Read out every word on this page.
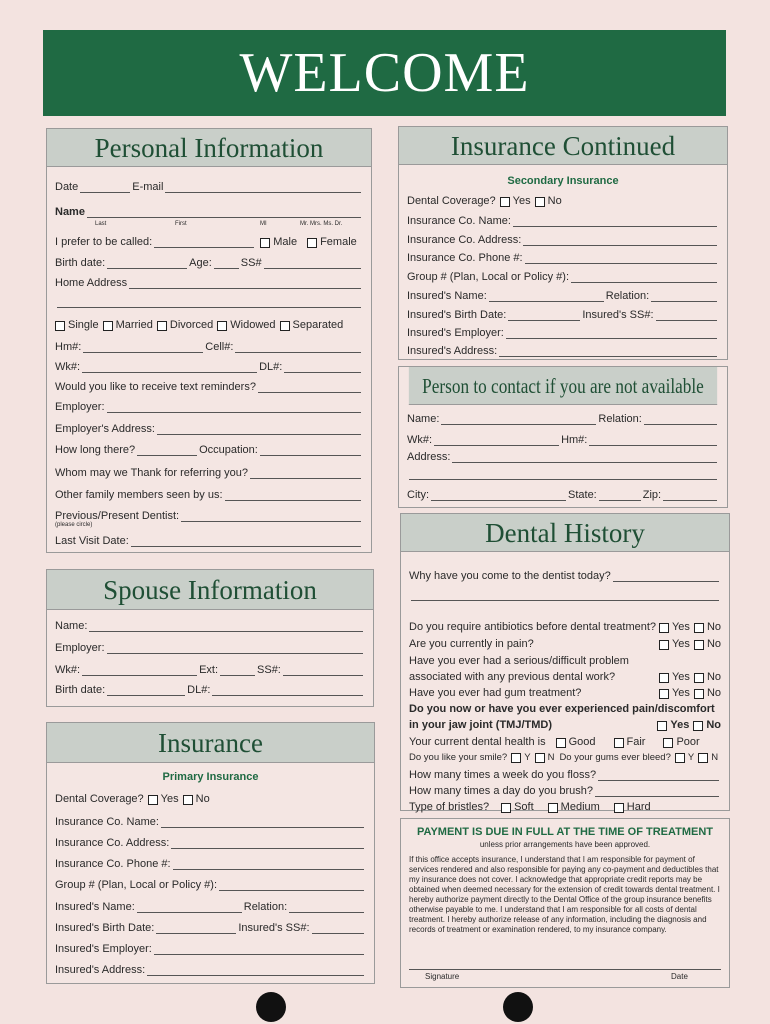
WELCOME
Personal Information
Date	E-mail
Name
Last	First	MI	Mr. Mrs. Ms. Dr.
I prefer to be called:	Male Female
Birth date:	Age:	SS#
Home Address
Single Married Divorced Widowed Separated
Hm#:	Cell#:
Wk#:	DL#:
Would you like to receive text reminders?
Employer:
Employer's Address:
How long there?	Occupation:
Whom may we Thank for referring you?
Other family members seen by us:
Previous/Present Dentist:
(please circle)
Last Visit Date:
Spouse Information
Name:
Employer:
Wk#:	Ext:	SS#:
Birth date:	DL#:
Insurance
Primary Insurance
Dental Coverage? Yes No
Insurance Co. Name:
Insurance Co. Address:
Insurance Co. Phone #:
Group # (Plan, Local or Policy #):
Insured's Name:	Relation:
Insured's Birth Date:	Insured's SS#:
Insured's Employer:
Insured's Address:
Insurance Continued
Secondary Insurance
Dental Coverage? Yes No
Insurance Co. Name:
Insurance Co. Address:
Insurance Co. Phone #:
Group # (Plan, Local or Policy #):
Insured's Name:	Relation:
Insured's Birth Date:	Insured's SS#:
Insured's Employer:
Insured's Address:
Person to contact if you are not available
Name:	Relation:
Wk#:	Hm#:
Address:
City:	State:	Zip:
Dental History
Why have you come to the dentist today?
Do you require antibiotics before dental treatment? Yes No
Are you currently in pain?	Yes No
Have you ever had a serious/difficult problem
associated with any previous dental work?	Yes No
Have you ever had gum treatment?	Yes No
Do you now or have you ever experienced pain/discomfort
in your jaw joint (TMJ/TMD)	Yes No
Your current dental health is Good	Fair	Poor
Do you like your smile? Y N Do your gums ever bleed? Y N
How many times a week do you floss?
How many times a day do you brush?
Type of bristles? Soft Medium Hard
PAYMENT IS DUE IN FULL AT THE TIME OF TREATMENT
unless prior arrangements have been approved.
If this office accepts insurance, I understand that I am responsible for payment of services rendered and also responsible for paying any co-payment and deductibles that my insurance does not cover. I acknowledge that appropriate credit reports may be obtained when deemed necessary for the extension of credit towards dental treatment. I hereby authorize payment directly to the Dental Office of the group insurance benefits otherwise payable to me. I understand that I am responsible for all costs of dental treatment. I hereby authorize release of any information, including the diagnosis and records of treatment or examination rendered, to my insurance company.
Signature	Date
